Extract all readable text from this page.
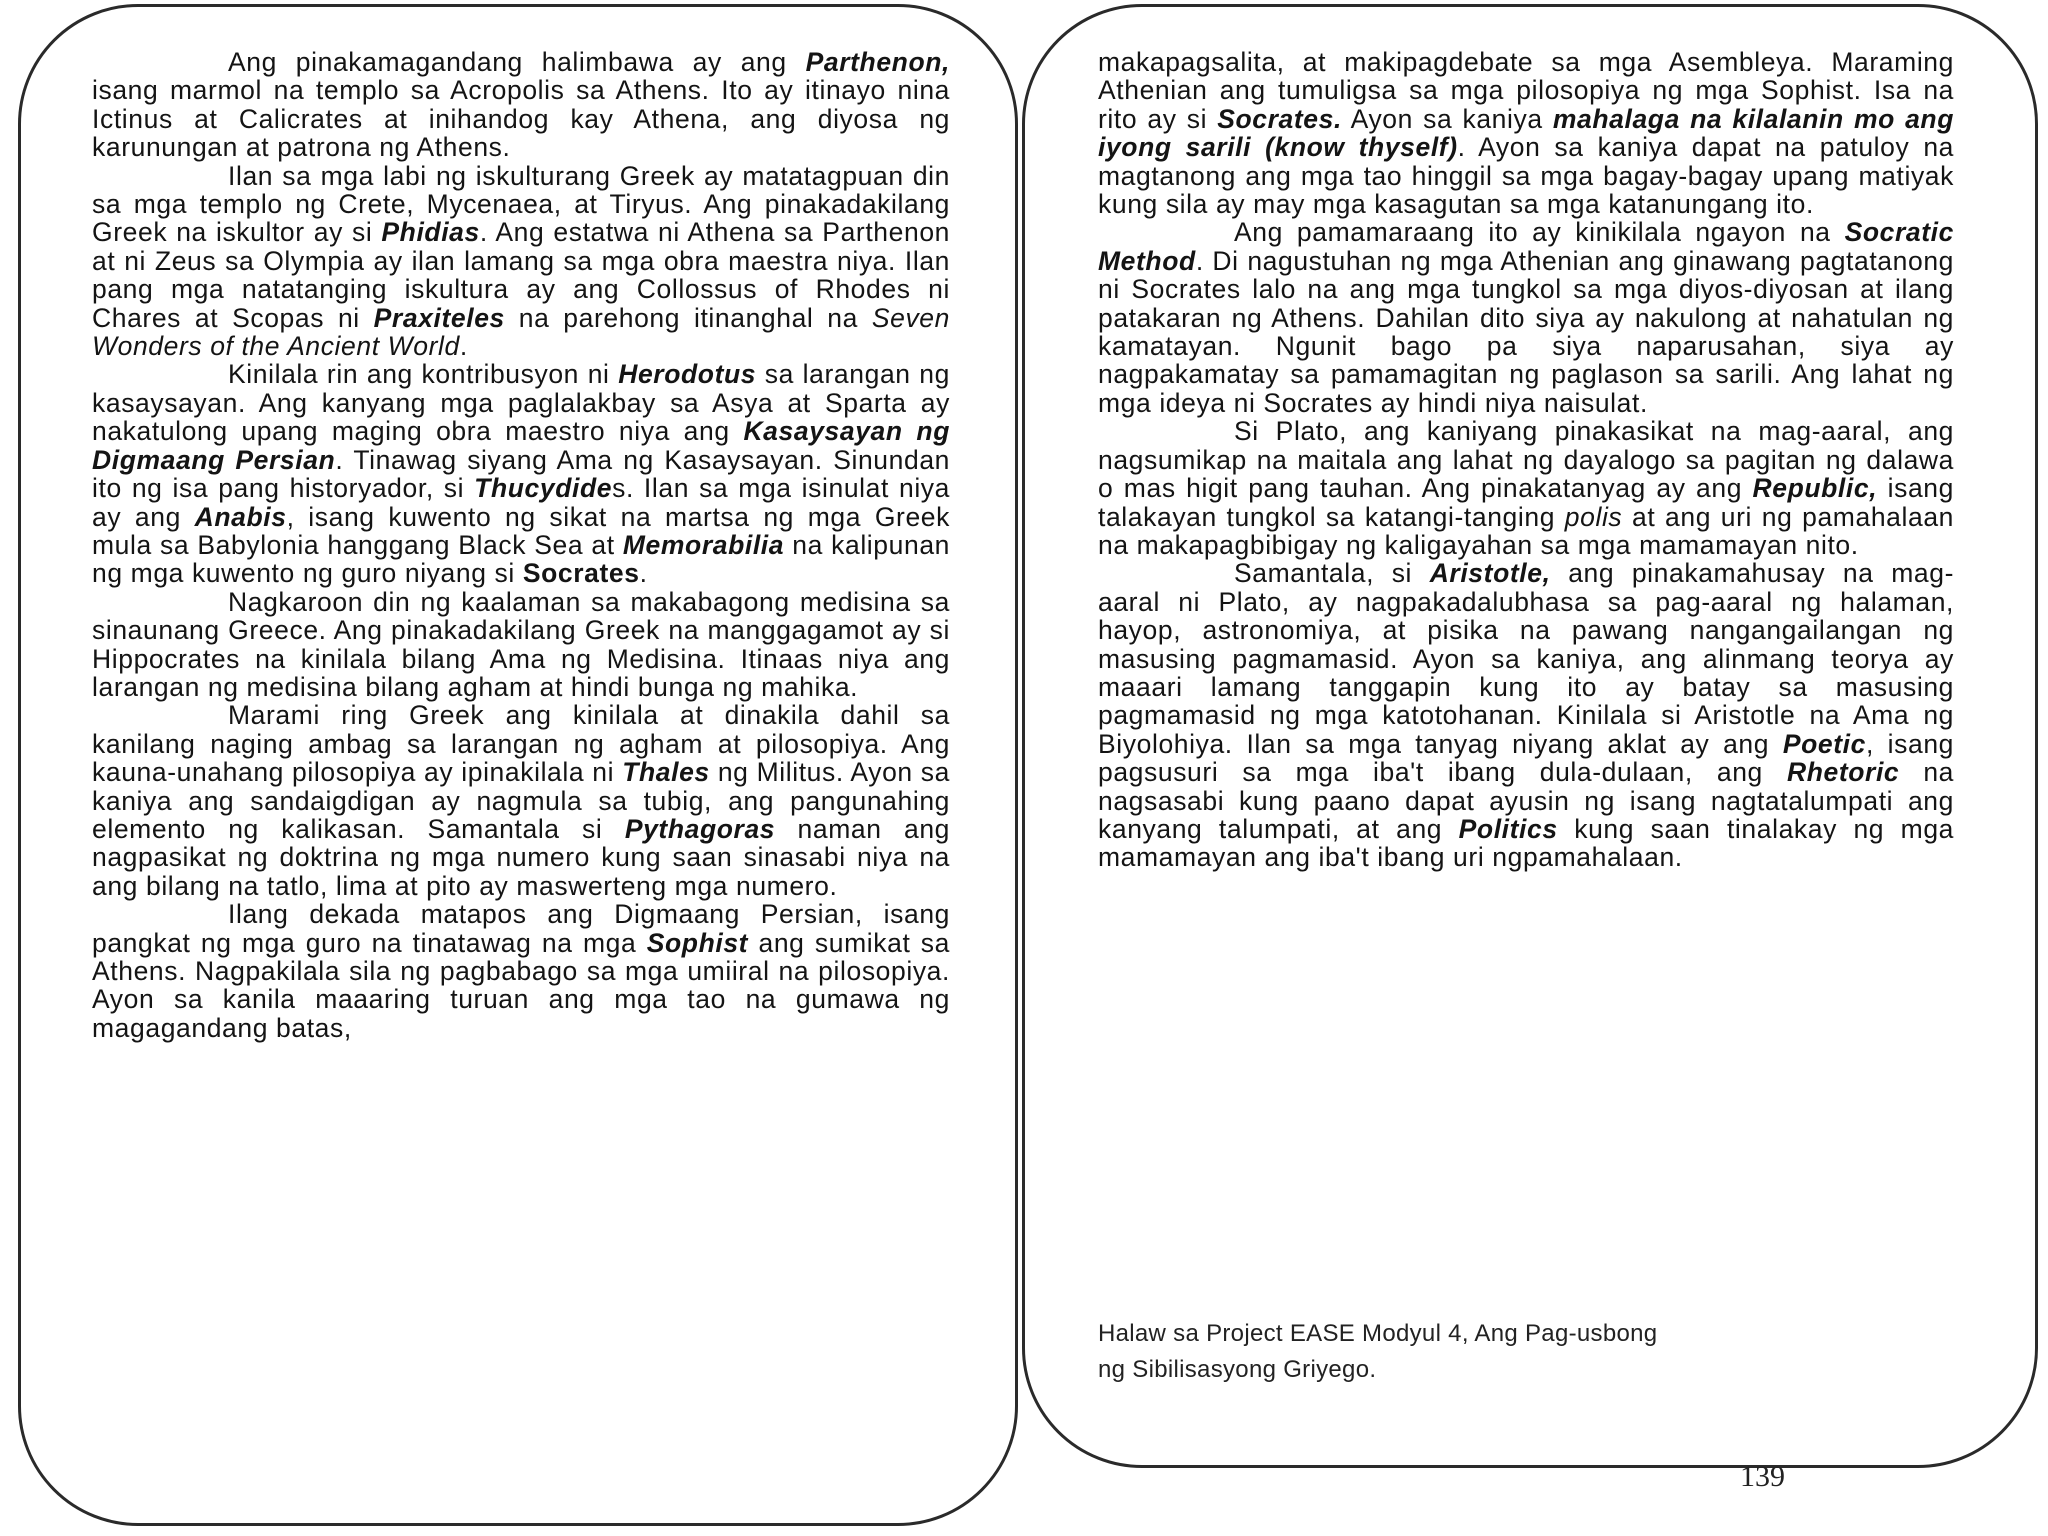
Ang pinakamagandang halimbawa ay ang Parthenon, isang marmol na templo sa Acropolis sa Athens. Ito ay itinayo nina Ictinus at Calicrates at inihandog kay Athena, ang diyosa ng karunungan at patrona ng Athens.

Ilan sa mga labi ng iskulturang Greek ay matatagpuan din sa mga templo ng Crete, Mycenaea, at Tiryus. Ang pinakadakilang Greek na iskultor ay si Phidias. Ang estatwa ni Athena sa Parthenon at ni Zeus sa Olympia ay ilan lamang sa mga obra maestra niya. Ilan pang mga natatanging iskultura ay ang Collossus of Rhodes ni Chares at Scopas ni Praxiteles na parehong itinanghal na Seven Wonders of the Ancient World.

Kinilala rin ang kontribusyon ni Herodotus sa larangan ng kasaysayan. Ang kanyang mga paglalakbay sa Asya at Sparta ay nakatulong upang maging obra maestro niya ang Kasaysayan ng Digmaang Persian. Tinawag siyang Ama ng Kasaysayan. Sinundan ito ng isa pang historyador, si Thucydides. Ilan sa mga isinulat niya ay ang Anabis, isang kuwento ng sikat na martsa ng mga Greek mula sa Babylonia hanggang Black Sea at Memorabilia na kalipunan ng mga kuwento ng guro niyang si Socrates.

Nagkaroon din ng kaalaman sa makabagong medisina sa sinaunang Greece. Ang pinakadakilang Greek na manggagamot ay si Hippocrates na kinilala bilang Ama ng Medisina. Itinaas niya ang larangan ng medisina bilang agham at hindi bunga ng mahika.

Marami ring Greek ang kinilala at dinakila dahil sa kanilang naging ambag sa larangan ng agham at pilosopiya. Ang kauna-unahang pilosopiya ay ipinakilala ni Thales ng Militus. Ayon sa kaniya ang sandaigdigan ay nagmula sa tubig, ang pangunahing elemento ng kalikasan. Samantala si Pythagoras naman ang nagpasikat ng doktrina ng mga numero kung saan sinasabi niya na ang bilang na tatlo, lima at pito ay maswerteng mga numero.

Ilang dekada matapos ang Digmaang Persian, isang pangkat ng mga guro na tinatawag na mga Sophist ang sumikat sa Athens. Nagpakilala sila ng pagbabago sa mga umiiral na pilosopiya. Ayon sa kanila maaaring turuan ang mga tao na gumawa ng magagandang batas,

makapagsalita, at makipagdebate sa mga Asembleya. Maraming Athenian ang tumuligsa sa mga pilosopiya ng mga Sophist. Isa na rito ay si Socrates. Ayon sa kaniya mahalaga na kilalanin mo ang iyong sarili (know thyself). Ayon sa kaniya dapat na patuloy na magtanong ang mga tao hinggil sa mga bagay-bagay upang matiyak kung sila ay may mga kasagutan sa mga katanungang ito.

Ang pamamaraang ito ay kinikilala ngayon na Socratic Method. Di nagustuhan ng mga Athenian ang ginawang pagtatanong ni Socrates lalo na ang mga tungkol sa mga diyos-diyosan at ilang patakaran ng Athens. Dahilan dito siya ay nakulong at nahatulan ng kamatayan. Ngunit bago pa siya naparusahan, siya ay nagpakamatay sa pamamagitan ng paglason sa sarili. Ang lahat ng mga ideya ni Socrates ay hindi niya naisulat.

Si Plato, ang kaniyang pinakasikat na mag-aaral, ang nagsumikap na maitala ang lahat ng dayalogo sa pagitan ng dalawa o mas higit pang tauhan. Ang pinakatanyag ay ang Republic, isang talakayan tungkol sa katangi-tanging polis at ang uri ng pamahalaan na makapagbibigay ng kaligayahan sa mga mamamayan nito.

Samantala, si Aristotle, ang pinakamahusay na mag-aaral ni Plato, ay nagpakadalubhasa sa pag-aaral ng halaman, hayop, astronomiya, at pisika na pawang nangangailangan ng masusing pagmamasid. Ayon sa kaniya, ang alinmang teorya ay maaari lamang tanggapin kung ito ay batay sa masusing pagmamasid ng mga katotohanan. Kinilala si Aristotle na Ama ng Biyolohiya. Ilan sa mga tanyag niyang aklat ay ang Poetic, isang pagsusuri sa mga iba't ibang dula-dulaan, ang Rhetoric na nagsasabi kung paano dapat ayusin ng isang nagtatalumpati ang kanyang talumpati, at ang Politics kung saan tinalakay ng mga mamamayan ang iba't ibang uri ngpamahalaan.

Halaw sa Project EASE Modyul 4, Ang Pag-usbong
ng Sibilisasyong Griyego.
139
